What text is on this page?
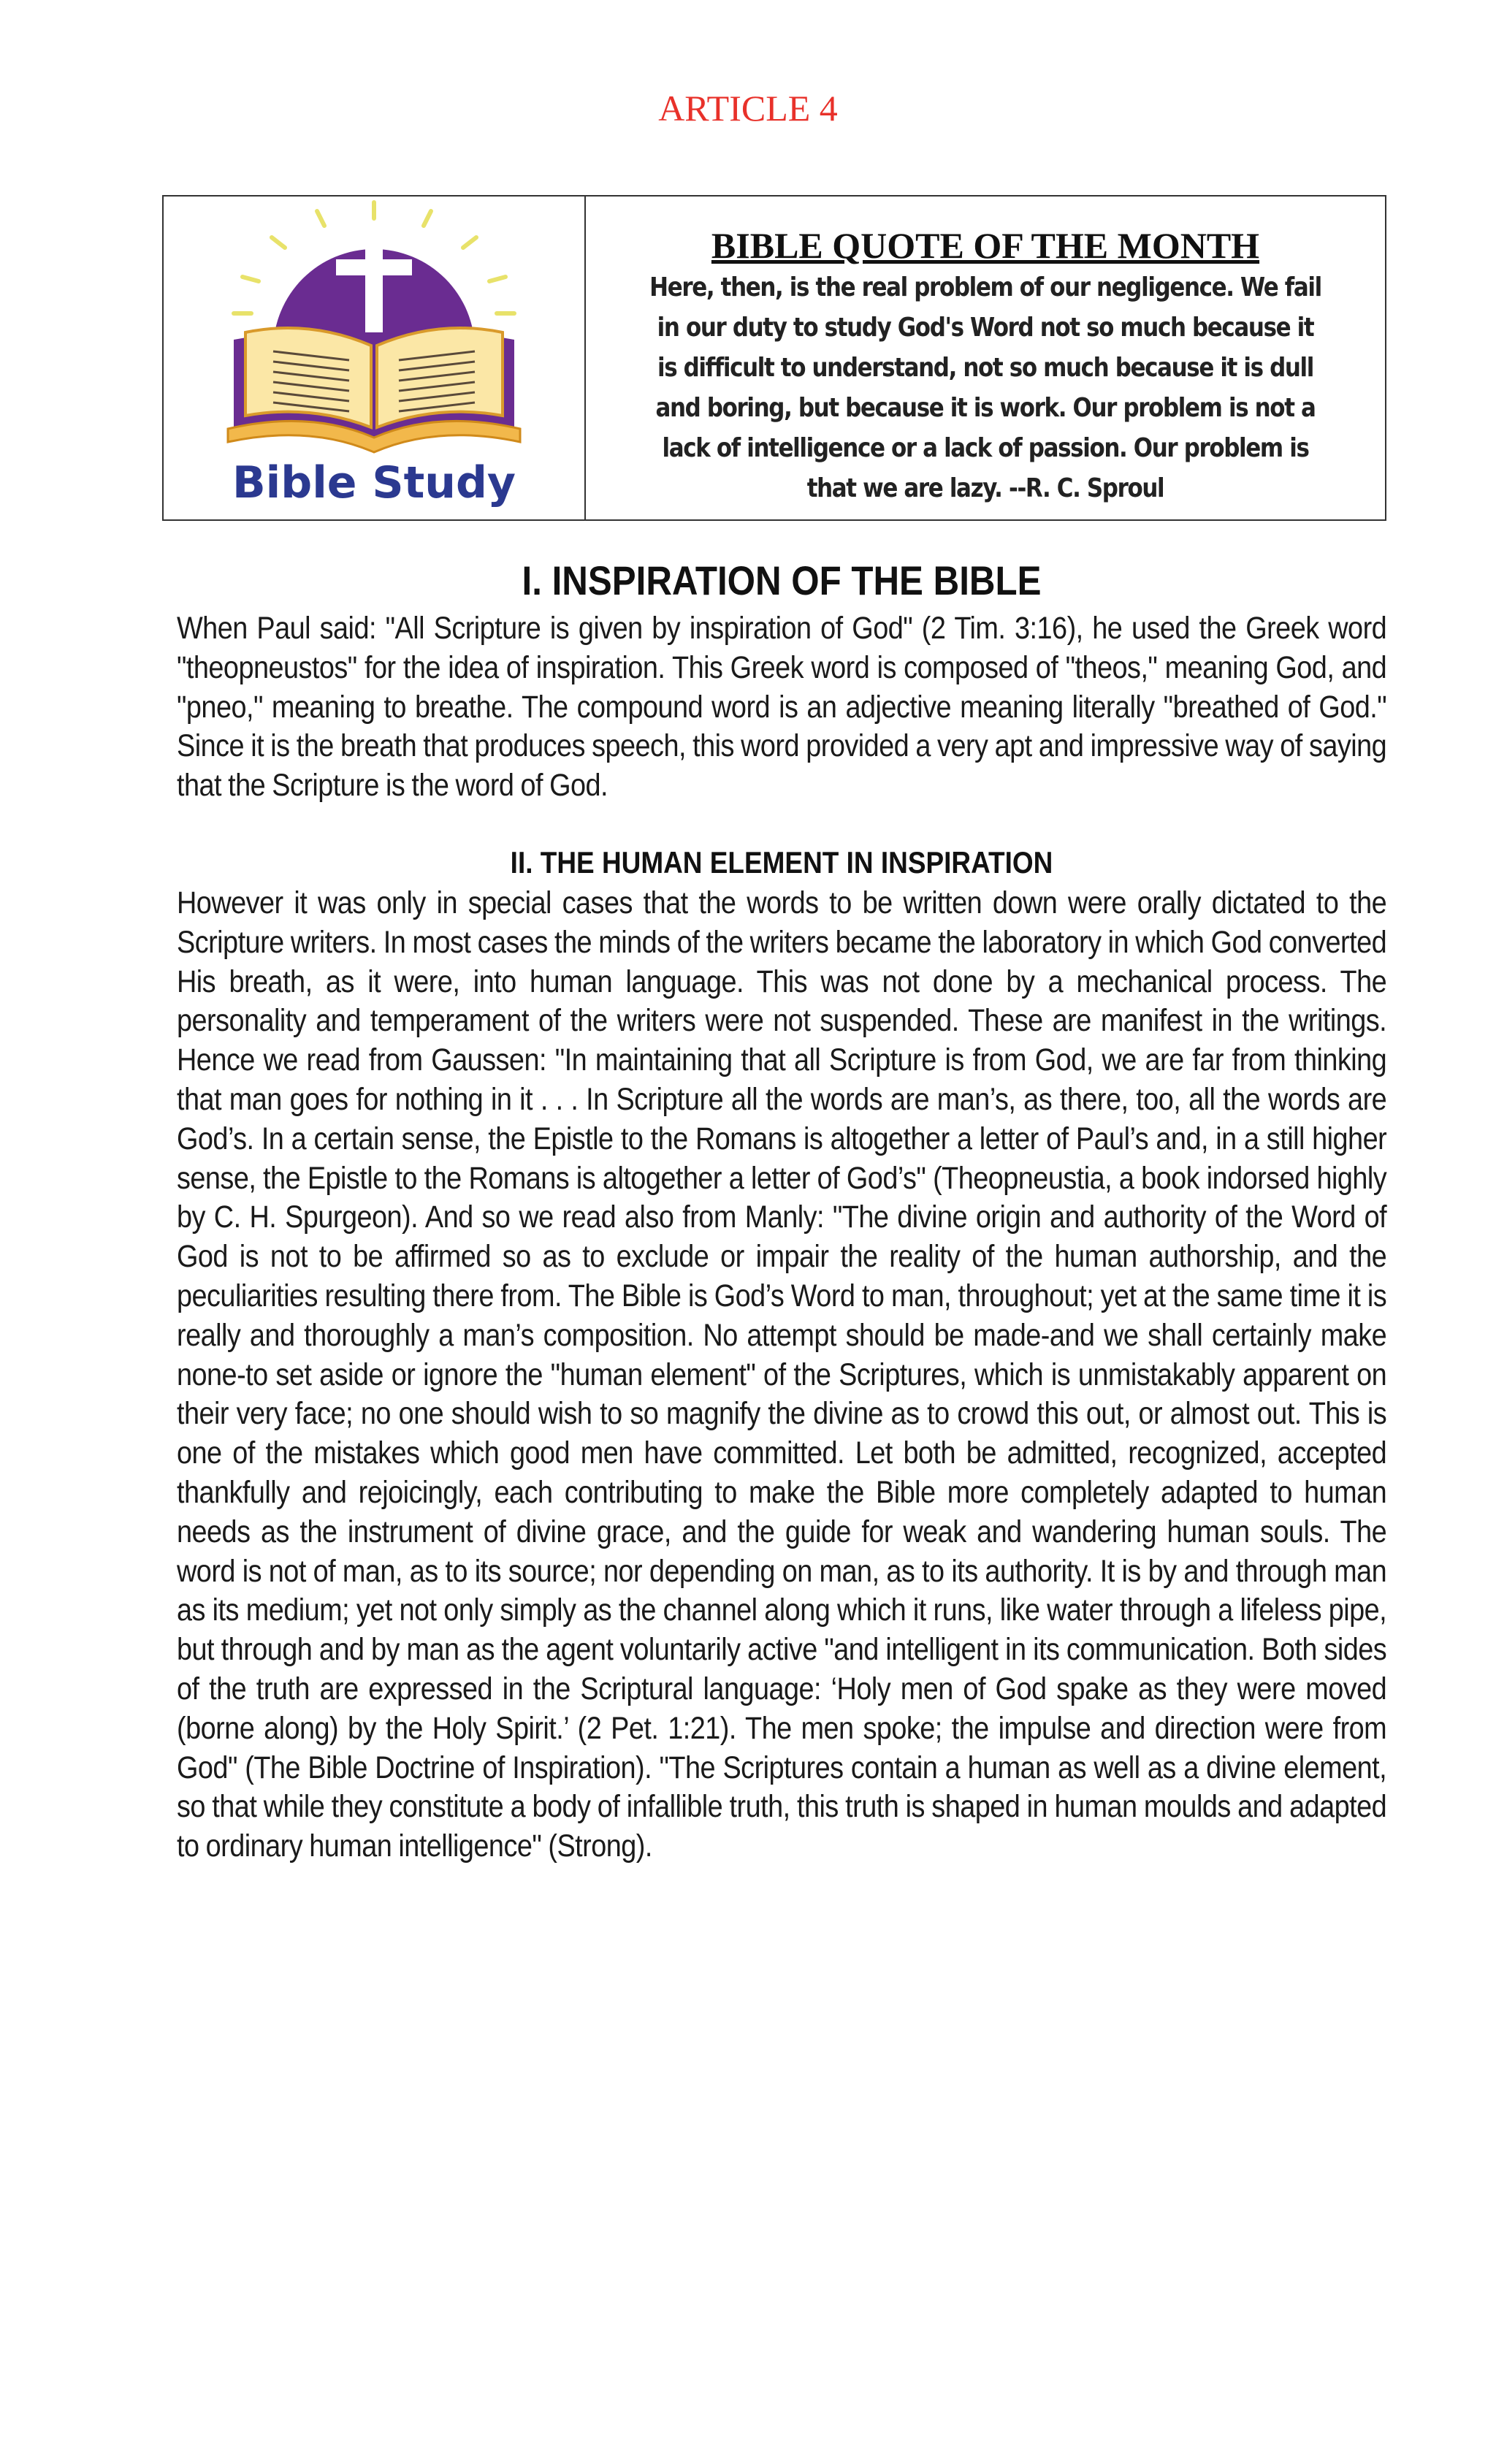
ARTICLE 4
Bible Study
BIBLE QUOTE OF THE MONTH
Here, then, is the real problem of our negligence. We fail in our duty to study God's Word not so much because it is difficult to understand, not so much because it is dull and boring, but because it is work. Our problem is not a lack of intelligence or a lack of passion. Our problem is that we are lazy. --R. C. Sproul
I. INSPIRATION OF THE BIBLE

When Paul said: "All Scripture is given by inspiration of God" (2 Tim. 3:16), he used the Greek word "theopneustos" for the idea of inspiration. This Greek word is composed of "theos," meaning God, and "pneo," meaning to breathe. The compound word is an adjective meaning literally "breathed of God." Since it is the breath that produces speech, this word provided a very apt and impressive way of saying that the Scripture is the word of God.

II. THE HUMAN ELEMENT IN INSPIRATION

However it was only in special cases that the words to be written down were orally dictated to the Scripture writers. In most cases the minds of the writers became the laboratory in which God converted His breath, as it were, into human language. This was not done by a mechanical process. The personality and temperament of the writers were not suspended. These are manifest in the writings. Hence we read from Gaussen: "In maintaining that all Scripture is from God, we are far from thinking that man goes for nothing in it . . . In Scripture all the words are man’s, as there, too, all the words are God’s. In a certain sense, the Epistle to the Romans is altogether a letter of Paul’s and, in a still higher sense, the Epistle to the Romans is altogether a letter of God’s" (Theopneustia, a book indorsed highly by C. H. Spurgeon). And so we read also from Manly: "The divine origin and authority of the Word of God is not to be affirmed so as to exclude or impair the reality of the human authorship, and the peculiarities resulting there from. The Bible is God’s Word to man, throughout; yet at the same time it is really and thoroughly a man’s composition. No attempt should be made-and we shall certainly make none-to set aside or ignore the "human element" of the Scriptures, which is unmistakably apparent on their very face; no one should wish to so magnify the divine as to crowd this out, or almost out. This is one of the mistakes which good men have committed. Let both be admitted, recognized, accepted thankfully and rejoicingly, each contributing to make the Bible more completely adapted to human needs as the instrument of divine grace, and the guide for weak and wandering human souls. The word is not of man, as to its source; nor depending on man, as to its authority. It is by and through man as its medium; yet not only simply as the channel along which it runs, like water through a lifeless pipe, but through and by man as the agent voluntarily active "and intelligent in its communication. Both sides of the truth are expressed in the Scriptural language: ‘Holy men of God spake as they were moved (borne along) by the Holy Spirit.’ (2 Pet. 1:21). The men spoke; the impulse and direction were from God" (The Bible Doctrine of Inspiration). "The Scriptures contain a human as well as a divine element, so that while they constitute a body of infallible truth, this truth is shaped in human moulds and adapted to ordinary human intelligence" (Strong).
